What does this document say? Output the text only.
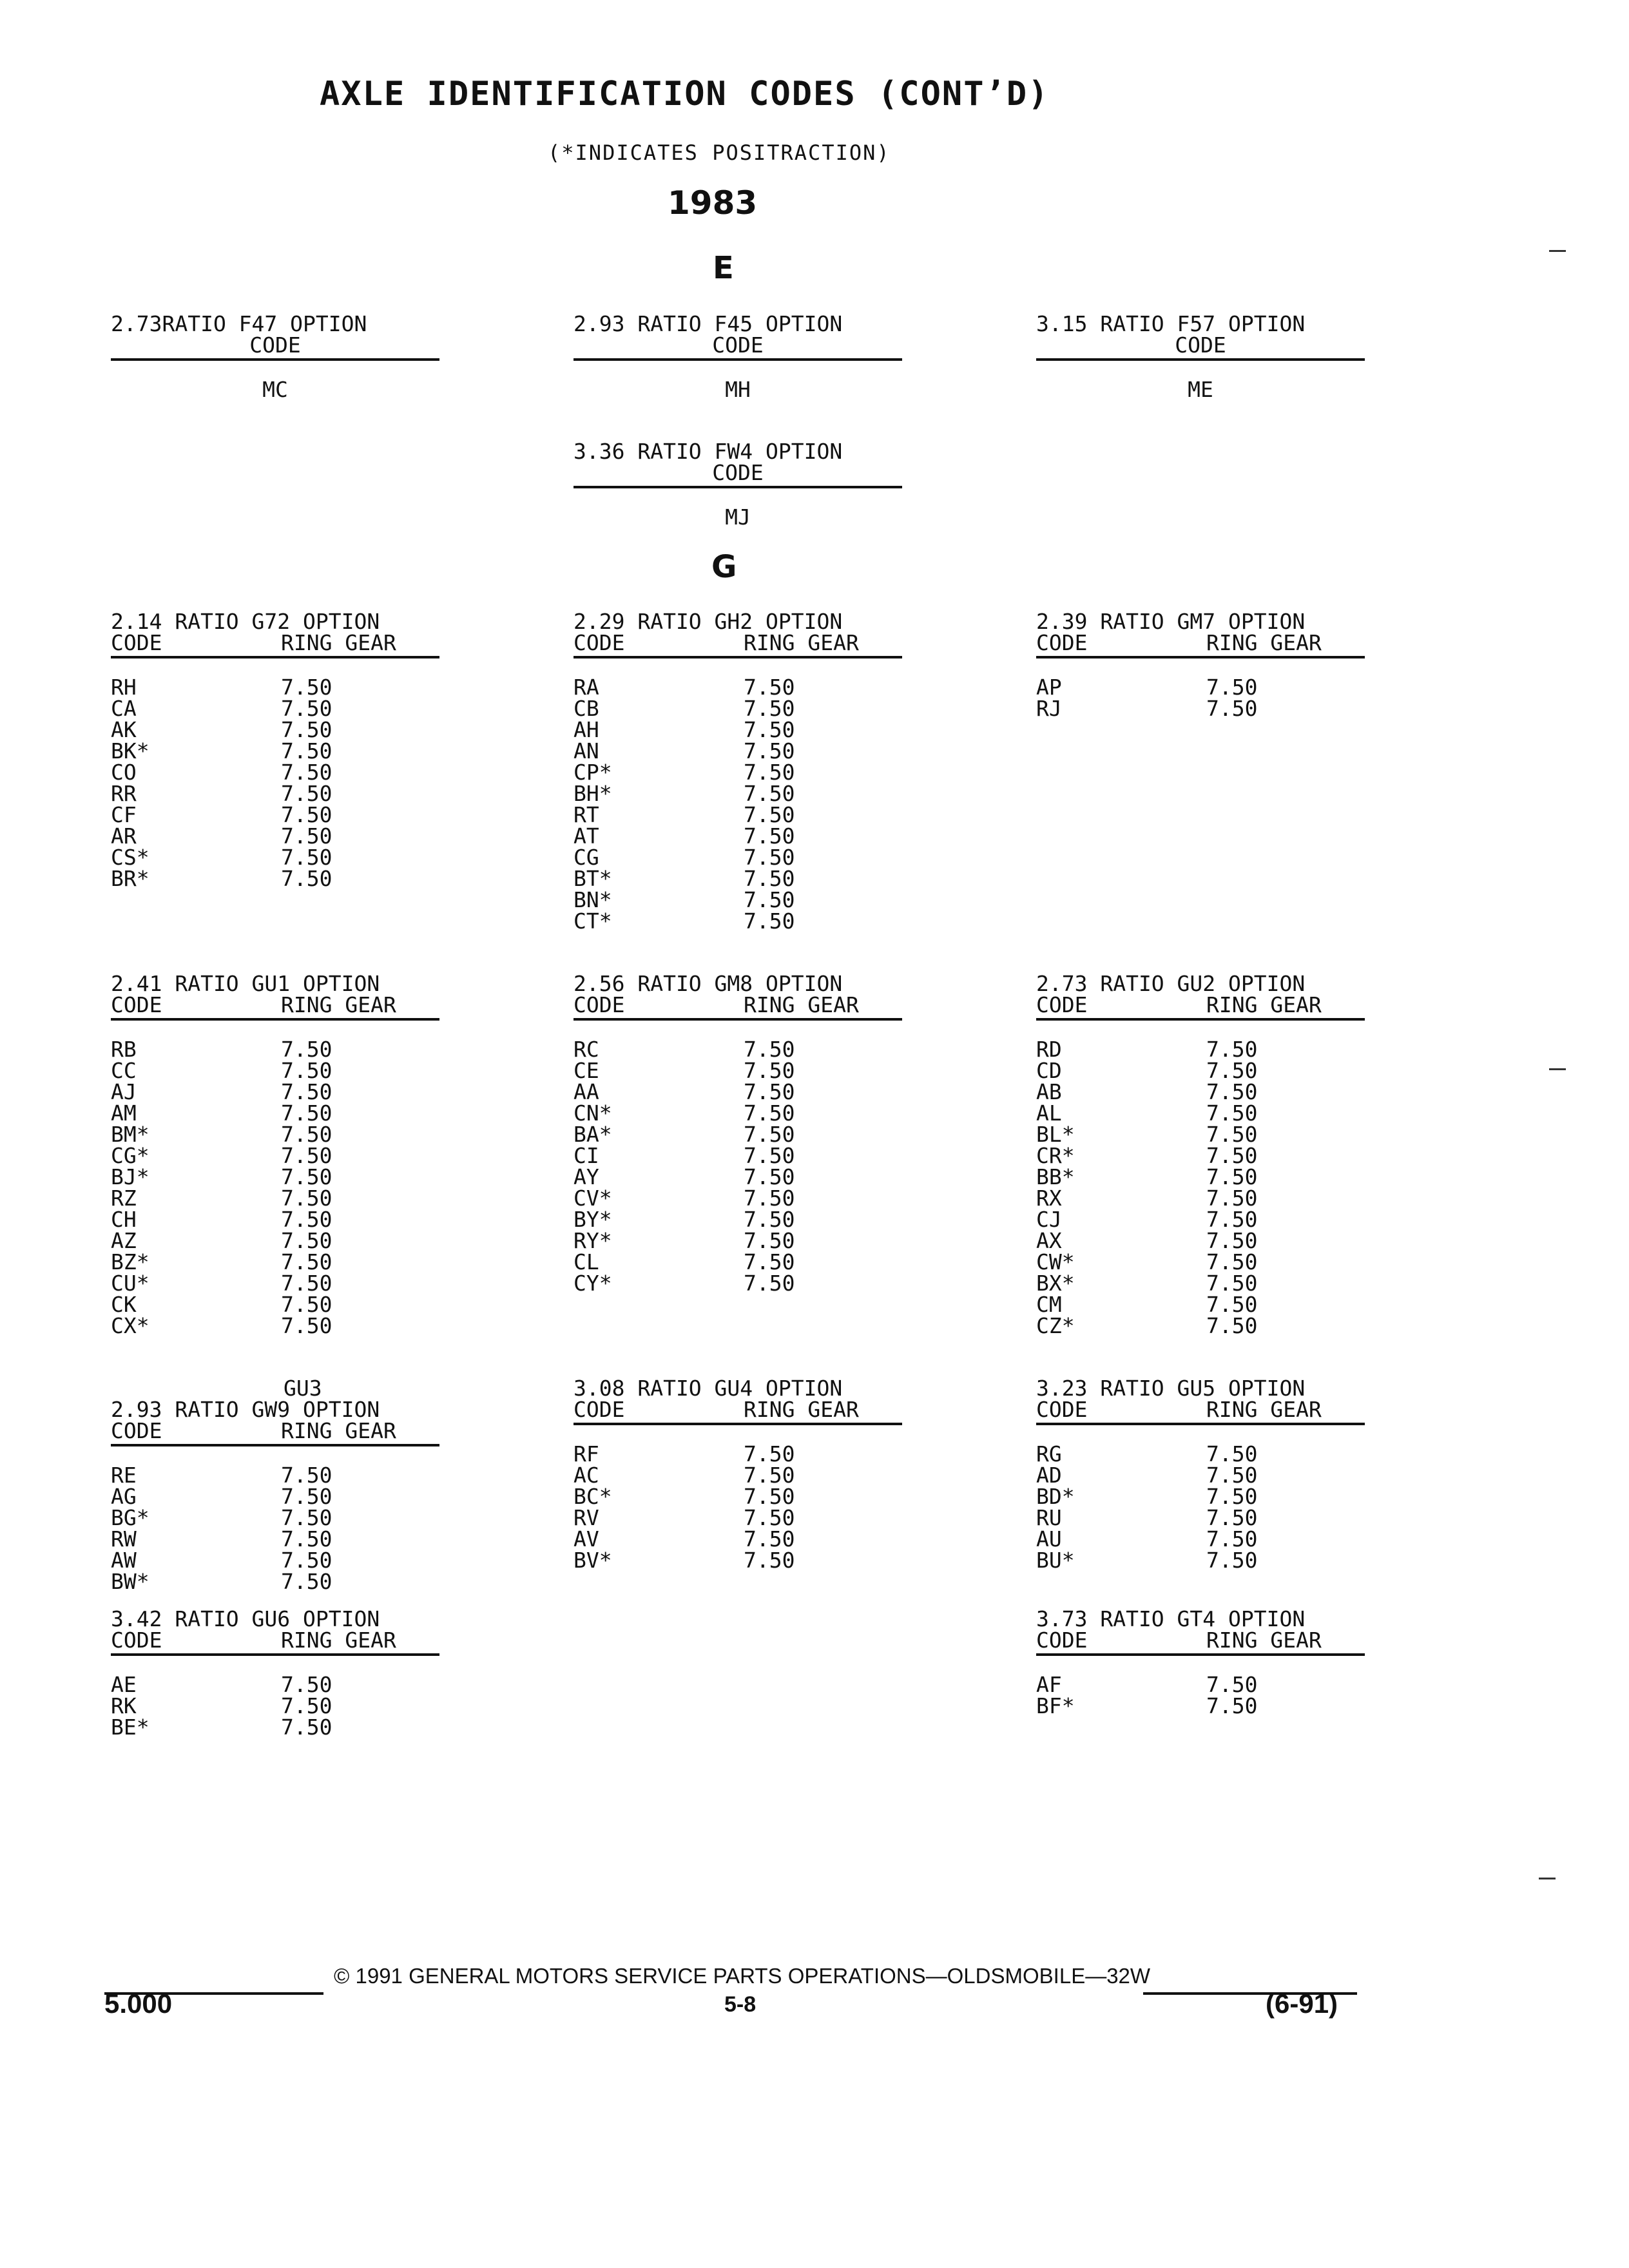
AXLE IDENTIFICATION CODES (CONT’D)
(*INDICATES POSITRACTION)
1983
E
G
2.73RATIO F47 OPTION
CODE
MC
2.93 RATIO F45 OPTION
CODE
MH
3.15 RATIO F57 OPTION
CODE
ME
3.36 RATIO FW4 OPTION
CODE
MJ
2.14 RATIO G72 OPTION
CODE	RING GEAR
RH	7.50
CA	7.50
AK	7.50
BK*	7.50
CO	7.50
RR	7.50
CF	7.50
AR	7.50
CS*	7.50
BR*	7.50
2.29 RATIO GH2 OPTION
CODE	RING GEAR
RA	7.50
CB	7.50
AH	7.50
AN	7.50
CP*	7.50
BH*	7.50
RT	7.50
AT	7.50
CG	7.50
BT*	7.50
BN*	7.50
CT*	7.50
2.39 RATIO GM7 OPTION
CODE	RING GEAR
AP	7.50
RJ	7.50
2.41 RATIO GU1 OPTION
CODE	RING GEAR
RB	7.50
CC	7.50
AJ	7.50
AM	7.50
BM*	7.50
CG*	7.50
BJ*	7.50
RZ	7.50
CH	7.50
AZ	7.50
BZ*	7.50
CU*	7.50
CK	7.50
CX*	7.50
2.56 RATIO GM8 OPTION
CODE	RING GEAR
RC	7.50
CE	7.50
AA	7.50
CN*	7.50
BA*	7.50
CI	7.50
AY	7.50
CV*	7.50
BY*	7.50
RY*	7.50
CL	7.50
CY*	7.50
2.73 RATIO GU2 OPTION
CODE	RING GEAR
RD	7.50
CD	7.50
AB	7.50
AL	7.50
BL*	7.50
CR*	7.50
BB*	7.50
RX	7.50
CJ	7.50
AX	7.50
CW*	7.50
BX*	7.50
CM	7.50
CZ*	7.50
GU3
2.93 RATIO GW9 OPTION
CODE	RING GEAR
RE	7.50
AG	7.50
BG*	7.50
RW	7.50
AW	7.50
BW*	7.50
3.08 RATIO GU4 OPTION
CODE	RING GEAR
RF	7.50
AC	7.50
BC*	7.50
RV	7.50
AV	7.50
BV*	7.50
3.23 RATIO GU5 OPTION
CODE	RING GEAR
RG	7.50
AD	7.50
BD*	7.50
RU	7.50
AU	7.50
BU*	7.50
3.42 RATIO GU6 OPTION
CODE	RING GEAR
AE	7.50
RK	7.50
BE*	7.50
3.73 RATIO GT4 OPTION
CODE	RING GEAR
AF	7.50
BF*	7.50
© 1991 GENERAL MOTORS SERVICE PARTS OPERATIONS—OLDSMOBILE—32W
5.000	5-8	(6-91)
